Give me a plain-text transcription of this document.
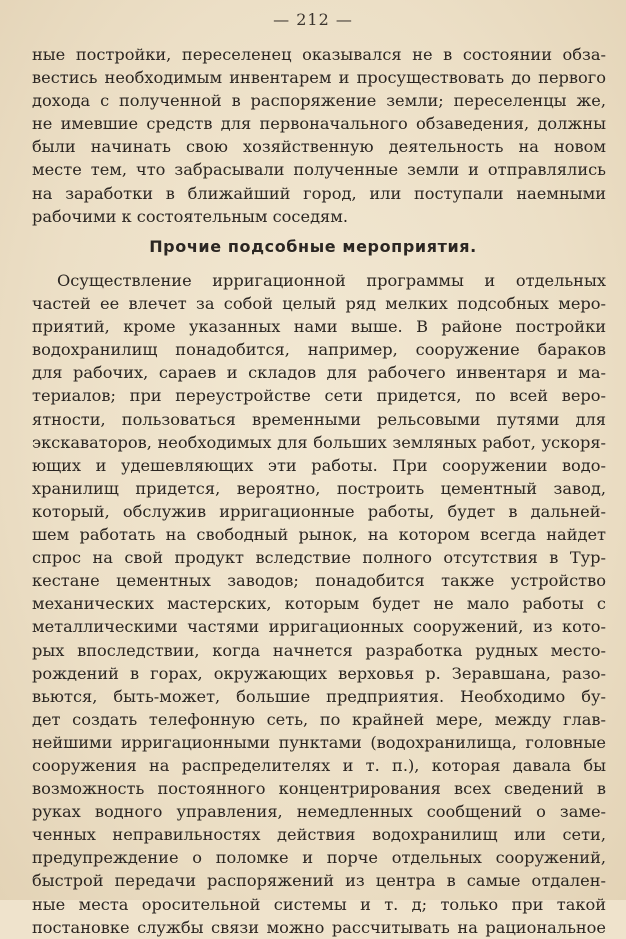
— 212 —
ные постройки, переселенец оказывался не в состоянии обза-
вестись необходимым инвентарем и просуществовать до первого
дохода с полученной в распоряжение земли; переселенцы же,
не имевшие средств для первоначального обзаведения, должны
были начинать свою хозяйственную деятельность на новом
месте тем, что забрасывали полученные земли и отправлялись
на заработки в ближайший город, или поступали наемными
рабочими к состоятельным соседям.
Прочие подсобные мероприятия.
Осуществление ирригационной программы и отдельных
частей ее влечет за собой целый ряд мелких подсобных меро-
приятий, кроме указанных нами выше. В районе постройки
водохранилищ понадобится, например, сооружение бараков
для рабочих, сараев и складов для рабочего инвентаря и ма-
териалов; при переустройстве сети придется, по всей веро-
ятности, пользоваться временными рельсовыми путями для
экскаваторов, необходимых для больших земляных работ, ускоря-
ющих и удешевляющих эти работы. При сооружении водо-
хранилищ придется, вероятно, построить цементный завод,
который, обслужив ирригационные работы, будет в дальней-
шем работать на свободный рынок, на котором всегда найдет
спрос на свой продукт вследствие полного отсутствия в Тур-
кестане цементных заводов; понадобится также устройство
механических мастерских, которым будет не мало работы с
металлическими частями ирригационных сооружений, из кото-
рых впоследствии, когда начнется разработка рудных место-
рождений в горах, окружающих верховья р. Зеравшана, разо-
вьются, быть-может, большие предприятия. Необходимо бу-
дет создать телефонную сеть, по крайней мере, между глав-
нейшими ирригационными пунктами (водохранилища, головные
сооружения на распределителях и т. п.), которая давала бы
возможность постоянного концентрирования всех сведений в
руках водного управления, немедленных сообщений о заме-
ченных неправильностях действия водохранилищ или сети,
предупреждение о поломке и порче отдельных сооружений,
быстрой передачи распоряжений из центра в самые отдален-
ные места оросительной системы и т. д; только при такой
постановке службы связи можно рассчитывать на рациональное
